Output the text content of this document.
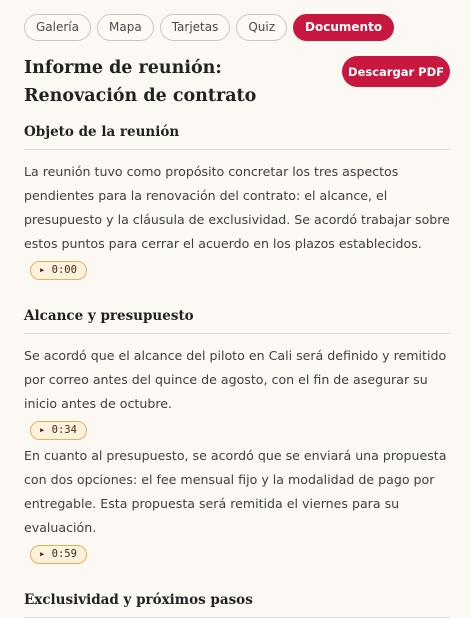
Galería	Mapa	Tarjetas	Quiz	Documento
Informe de reunión: Renovación de contrato
Descargar PDF
Objeto de la reunión

La reunión tuvo como propósito concretar los tres aspectos pendientes para la renovación del contrato: el alcance, el presupuesto y la cláusula de exclusividad. Se acordó trabajar sobre estos puntos para cerrar el acuerdo en los plazos establecidos.

▸ 0:00
Alcance y presupuesto

Se acordó que el alcance del piloto en Cali será definido y remitido por correo antes del quince de agosto, con el fin de asegurar su inicio antes de octubre.

▸ 0:34

En cuanto al presupuesto, se acordó que se enviará una propuesta con dos opciones: el fee mensual fijo y la modalidad de pago por entregable. Esta propuesta será remitida el viernes para su evaluación.

▸ 0:59
Exclusividad y próximos pasos
